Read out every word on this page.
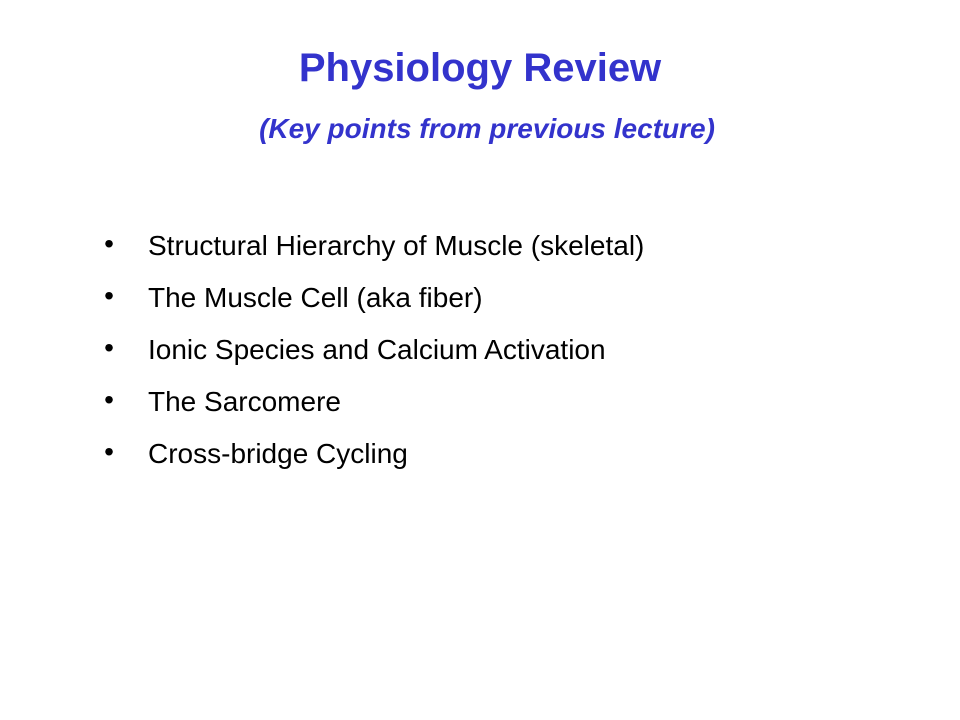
Physiology Review
(Key points from previous lecture)
• Structural Hierarchy of Muscle (skeletal)
• The Muscle Cell (aka fiber)
• Ionic Species and Calcium Activation
• The Sarcomere
• Cross-bridge Cycling
